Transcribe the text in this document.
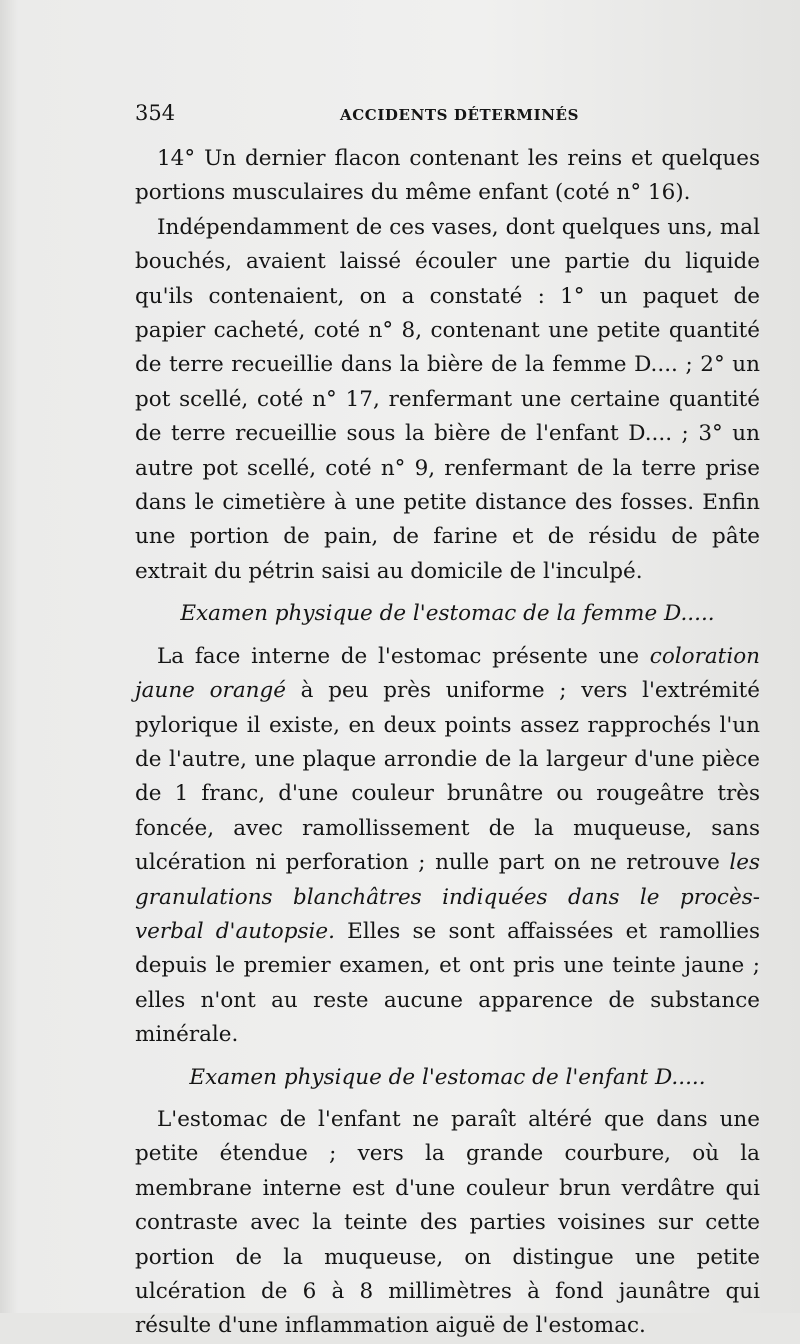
354	ACCIDENTS DÉTERMINÉS

14° Un dernier flacon contenant les reins et quelques portions musculaires du même enfant (coté n° 16).

Indépendamment de ces vases, dont quelques uns, mal bouchés, avaient laissé écouler une partie du liquide qu'ils contenaient, on a constaté : 1° un paquet de papier cacheté, coté n° 8, contenant une petite quantité de terre recueillie dans la bière de la femme D.... ; 2° un pot scellé, coté n° 17, renfermant une certaine quantité de terre recueillie sous la bière de l'enfant D.... ; 3° un autre pot scellé, coté n° 9, renfermant de la terre prise dans le cimetière à une petite distance des fosses. Enfin une portion de pain, de farine et de résidu de pâte extrait du pétrin saisi au domicile de l'inculpé.

Examen physique de l'estomac de la femme D.....

La face interne de l'estomac présente une coloration jaune orangé à peu près uniforme ; vers l'extrémité pylorique il existe, en deux points assez rapprochés l'un de l'autre, une plaque arrondie de la largeur d'une pièce de 1 franc, d'une couleur brunâtre ou rougeâtre très foncée, avec ramollissement de la muqueuse, sans ulcération ni perforation ; nulle part on ne retrouve les granulations blanchâtres indiquées dans le procès-verbal d'autopsie. Elles se sont affaissées et ramollies depuis le premier examen, et ont pris une teinte jaune ; elles n'ont au reste aucune apparence de substance minérale.

Examen physique de l'estomac de l'enfant D.....

L'estomac de l'enfant ne paraît altéré que dans une petite étendue ; vers la grande courbure, où la membrane interne est d'une couleur brun verdâtre qui contraste avec la teinte des parties voisines sur cette portion de la muqueuse, on distingue une petite ulcération de 6 à 8 millimètres à fond jaunâtre qui résulte d'une inflammation aiguë de l'estomac.
